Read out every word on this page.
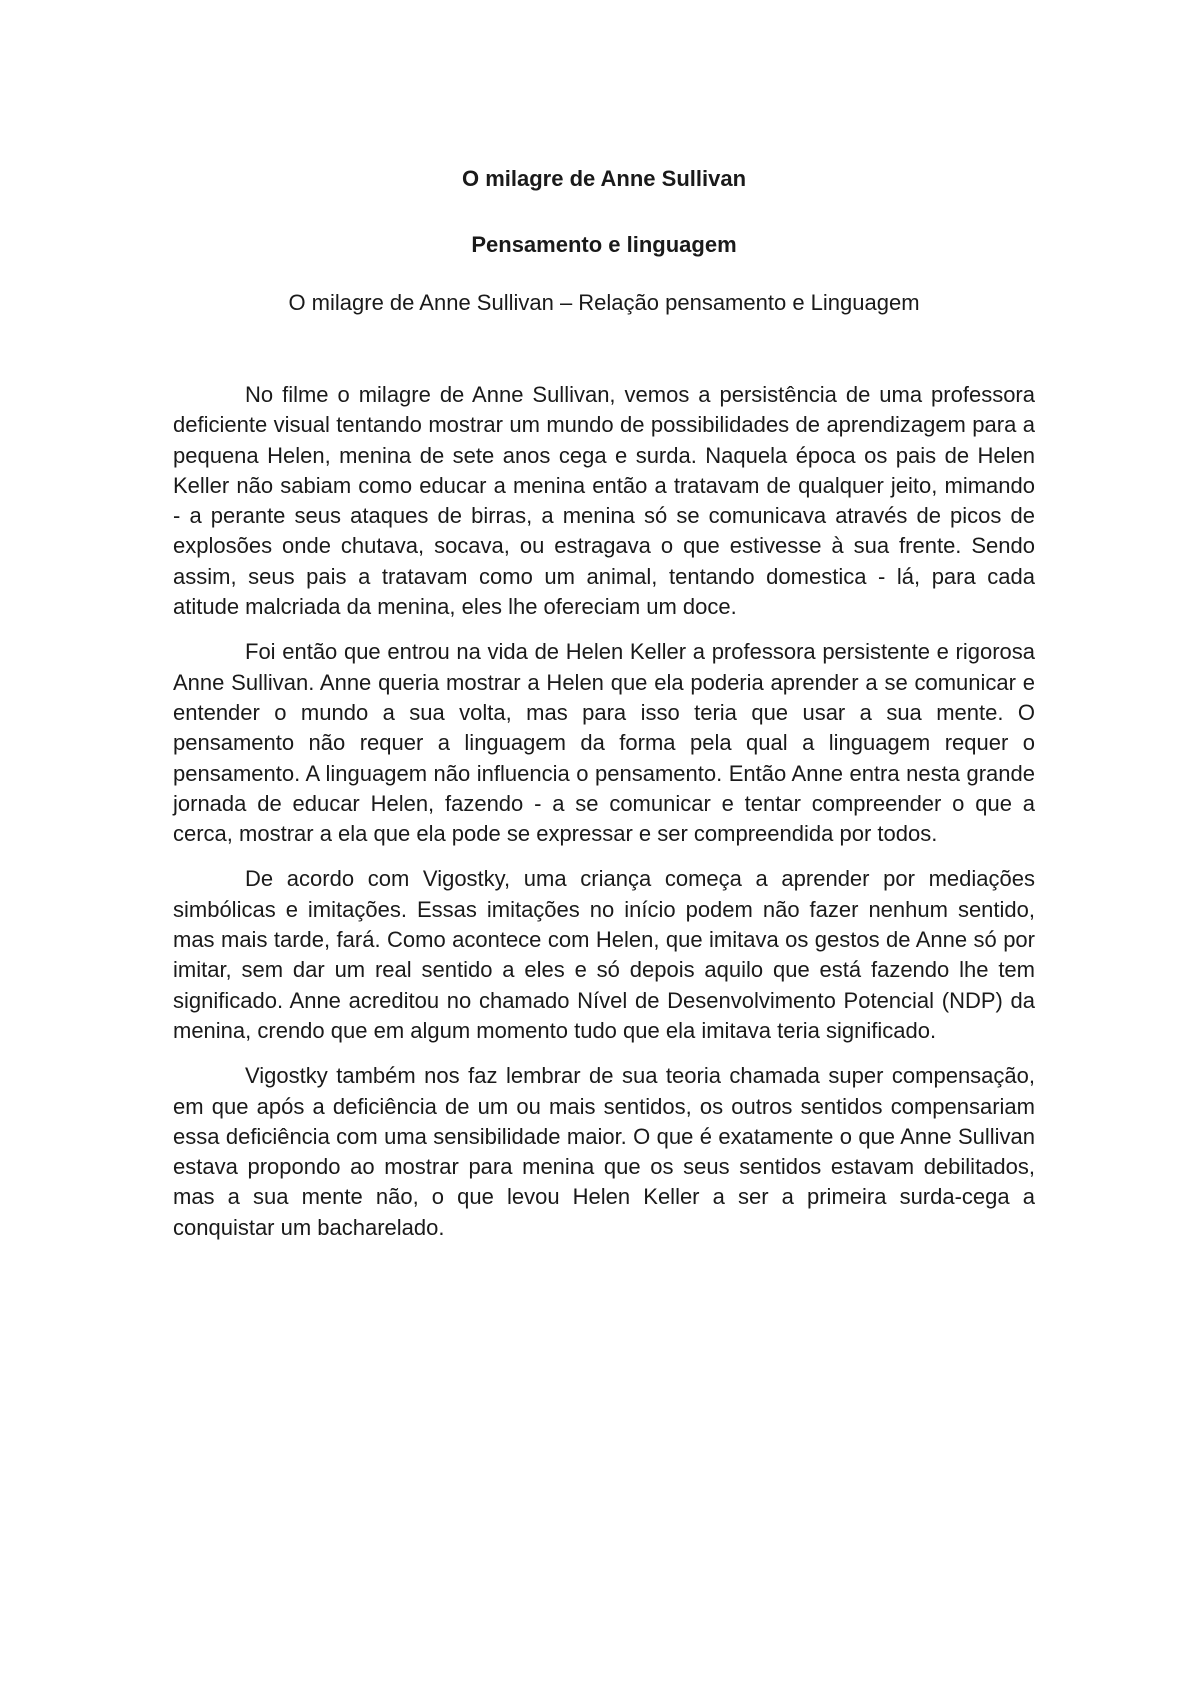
O milagre de Anne Sullivan
Pensamento e linguagem

O milagre de Anne Sullivan – Relação pensamento e Linguagem

No filme o milagre de Anne Sullivan, vemos a persistência de uma professora deficiente visual tentando mostrar um mundo de possibilidades de aprendizagem para a pequena Helen, menina de sete anos cega e surda. Naquela época os pais de Helen Keller não sabiam como educar a menina então a tratavam de qualquer jeito, mimando - a perante seus ataques de birras, a menina só se comunicava através de picos de explosões onde chutava, socava, ou estragava o que estivesse à sua frente. Sendo assim, seus pais a tratavam como um animal, tentando domestica - lá, para cada atitude malcriada da menina, eles lhe ofereciam um doce.

Foi então que entrou na vida de Helen Keller a professora persistente e rigorosa Anne Sullivan. Anne queria mostrar a Helen que ela poderia aprender a se comunicar e entender o mundo a sua volta, mas para isso teria que usar a sua mente. O pensamento não requer a linguagem da forma pela qual a linguagem requer o pensamento. A linguagem não influencia o pensamento. Então Anne entra nesta grande jornada de educar Helen, fazendo - a se comunicar e tentar compreender o que a cerca, mostrar a ela que ela pode se expressar e ser compreendida por todos.

De acordo com Vigostky, uma criança começa a aprender por mediações simbólicas e imitações. Essas imitações no início podem não fazer nenhum sentido, mas mais tarde, fará. Como acontece com Helen, que imitava os gestos de Anne só por imitar, sem dar um real sentido a eles e só depois aquilo que está fazendo lhe tem significado. Anne acreditou no chamado Nível de Desenvolvimento Potencial (NDP) da menina, crendo que em algum momento tudo que ela imitava teria significado.

Vigostky também nos faz lembrar de sua teoria chamada super compensação, em que após a deficiência de um ou mais sentidos, os outros sentidos compensariam essa deficiência com uma sensibilidade maior. O que é exatamente o que Anne Sullivan estava propondo ao mostrar para menina que os seus sentidos estavam debilitados, mas a sua mente não, o que levou Helen Keller a ser a primeira surda-cega a conquistar um bacharelado.
